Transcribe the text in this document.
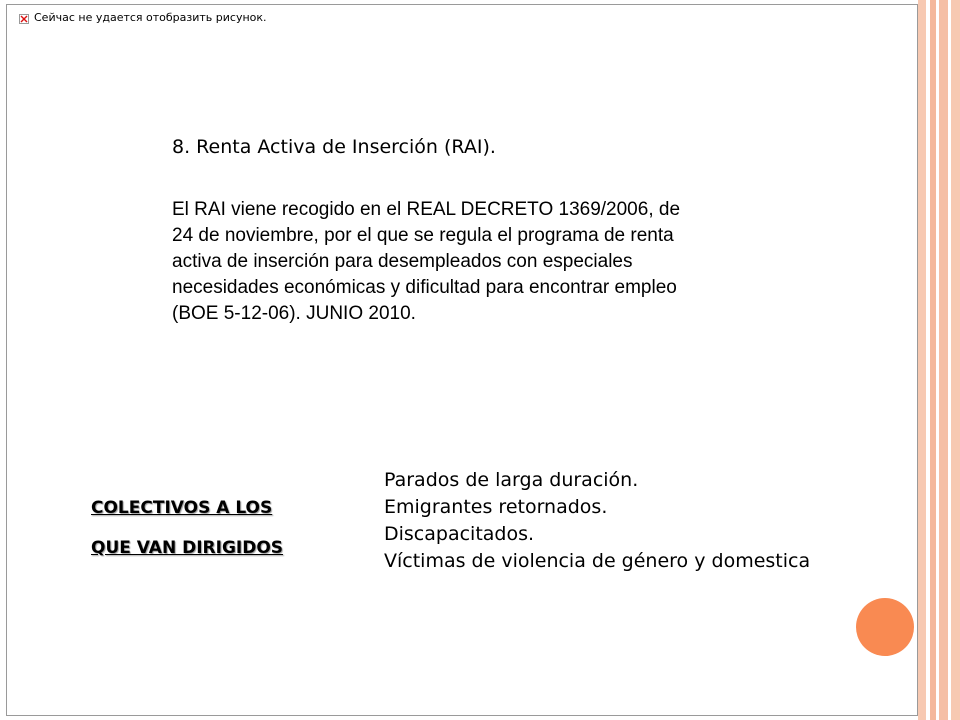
Сейчас не удается отобразить рисунок.
8. Renta Activa de Inserción (RAI).
El RAI viene recogido en el REAL DECRETO 1369/2006, de
24 de noviembre, por el que se regula el programa de renta
activa de inserción para desempleados con especiales
necesidades económicas y dificultad para encontrar empleo
(BOE 5-12-06). JUNIO 2010.
COLECTIVOS A LOS
QUE VAN DIRIGIDOS
Parados de larga duración.
Emigrantes retornados.
Discapacitados.
Víctimas de violencia de género y domestica
